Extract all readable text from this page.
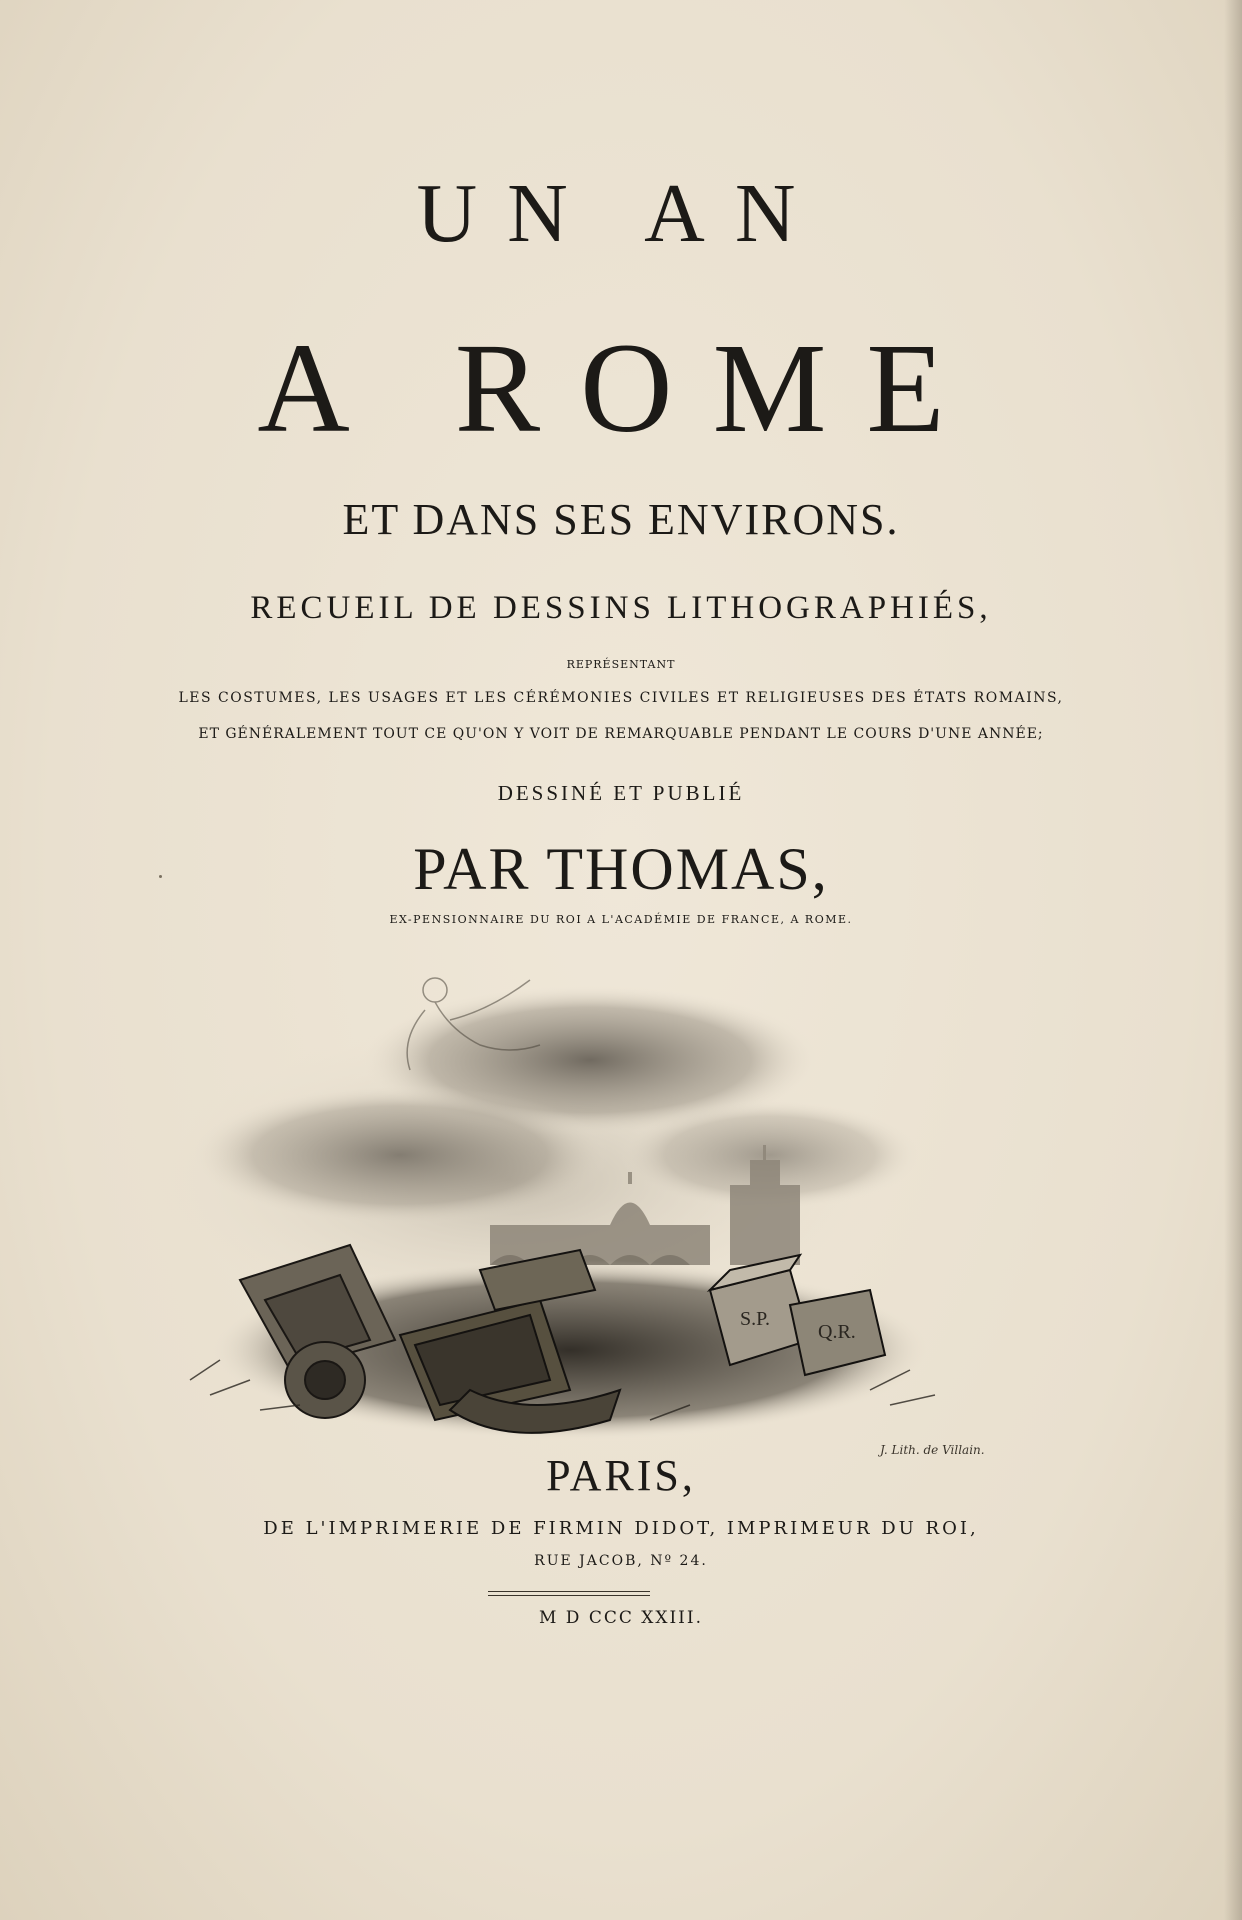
UN AN
A ROME
ET DANS SES ENVIRONS.
RECUEIL DE DESSINS LITHOGRAPHIÉS,
REPRÉSENTANT
LES COSTUMES, LES USAGES ET LES CÉRÉMONIES CIVILES ET RELIGIEUSES DES ÉTATS ROMAINS,
ET GÉNÉRALEMENT TOUT CE QU'ON Y VOIT DE REMARQUABLE PENDANT LE COURS D'UNE ANNÉE;
DESSINÉ ET PUBLIÉ
PAR THOMAS,
EX-PENSIONNAIRE DU ROI A L'ACADÉMIE DE FRANCE, A ROME.
S.P.
Q.R.
J. Lith. de Villain.
PARIS,
DE L'IMPRIMERIE DE FIRMIN DIDOT, IMPRIMEUR DU ROI,
RUE JACOB, Nº 24.
M D CCC XXIII.
